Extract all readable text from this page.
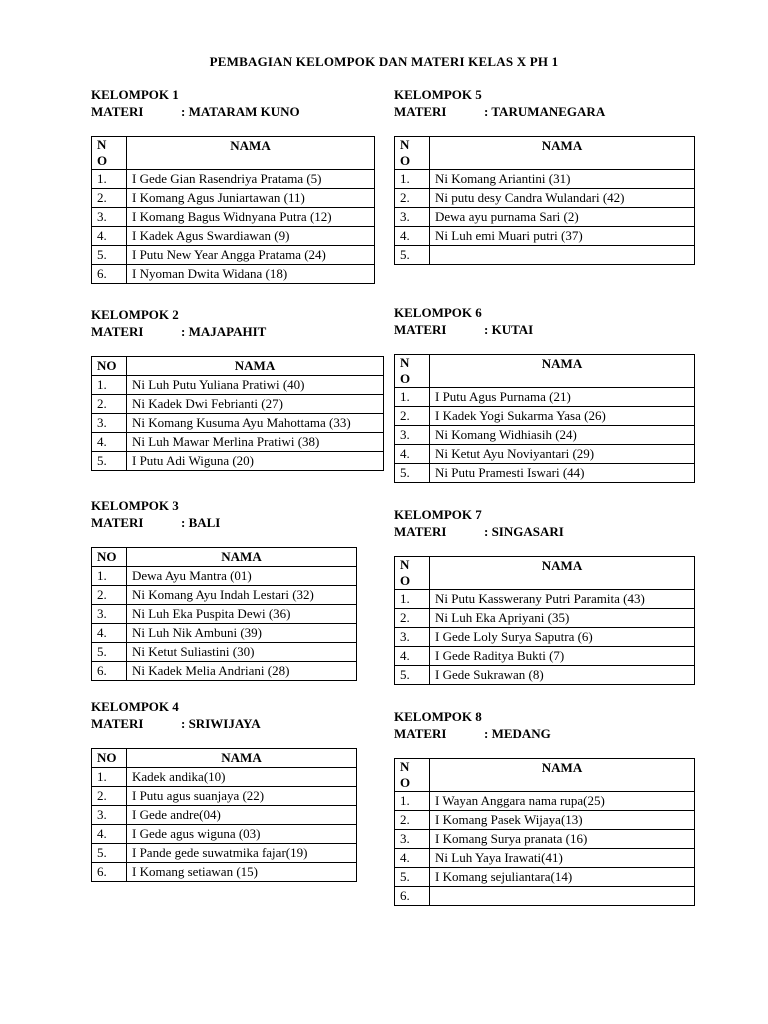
PEMBAGIAN KELOMPOK DAN MATERI KELAS X PH 1
KELOMPOK 1
MATERI	: MATARAM KUNO
N
O	NAMA
1.	I Gede Gian Rasendriya Pratama (5)
2.	I Komang Agus Juniartawan (11)
3.	I Komang Bagus Widnyana Putra (12)
4.	I Kadek Agus Swardiawan (9)
5.	I Putu New Year Angga Pratama (24)
6.	I Nyoman Dwita Widana (18)
KELOMPOK 2
MATERI	: MAJAPAHIT
NO	NAMA
1.	Ni Luh Putu Yuliana Pratiwi (40)
2.	Ni Kadek Dwi Febrianti (27)
3.	Ni Komang Kusuma Ayu Mahottama (33)
4.	Ni Luh Mawar Merlina Pratiwi (38)
5.	I Putu Adi Wiguna (20)
KELOMPOK 3
MATERI	: BALI
NO	NAMA
1.	Dewa Ayu Mantra (01)
2.	Ni Komang Ayu Indah Lestari (32)
3.	Ni Luh Eka Puspita Dewi (36)
4.	Ni Luh Nik Ambuni (39)
5.	Ni Ketut Suliastini (30)
6.	Ni Kadek Melia Andriani (28)
KELOMPOK 4
MATERI	: SRIWIJAYA
NO	NAMA
1.	Kadek andika(10)
2.	I Putu agus suanjaya (22)
3.	I Gede andre(04)
4.	I Gede agus wiguna (03)
5.	I Pande gede suwatmika fajar(19)
6.	I Komang setiawan (15)
KELOMPOK 5
MATERI	: TARUMANEGARA
N
O	NAMA
1.	Ni Komang Ariantini (31)
2.	Ni putu desy Candra Wulandari (42)
3.	Dewa ayu purnama Sari (2)
4.	Ni Luh emi Muari putri (37)
5.	
KELOMPOK 6
MATERI	: KUTAI
N
O	NAMA
1.	I Putu Agus Purnama (21)
2.	I Kadek Yogi Sukarma Yasa (26)
3.	Ni Komang Widhiasih (24)
4.	Ni Ketut Ayu Noviyantari (29)
5.	Ni Putu Pramesti Iswari (44)
KELOMPOK 7
MATERI	: SINGASARI
N
O	NAMA
1.	Ni Putu Kasswerany Putri Paramita (43)
2.	Ni Luh Eka Apriyani (35)
3.	I Gede Loly Surya Saputra (6)
4.	I Gede Raditya Bukti (7)
5.	I Gede Sukrawan (8)
KELOMPOK 8
MATERI	: MEDANG
N
O	NAMA
1.	I Wayan Anggara nama rupa(25)
2.	I Komang Pasek Wijaya(13)
3.	I Komang Surya pranata (16)
4.	Ni Luh Yaya Irawati(41)
5.	I Komang sejuliantara(14)
6.	
